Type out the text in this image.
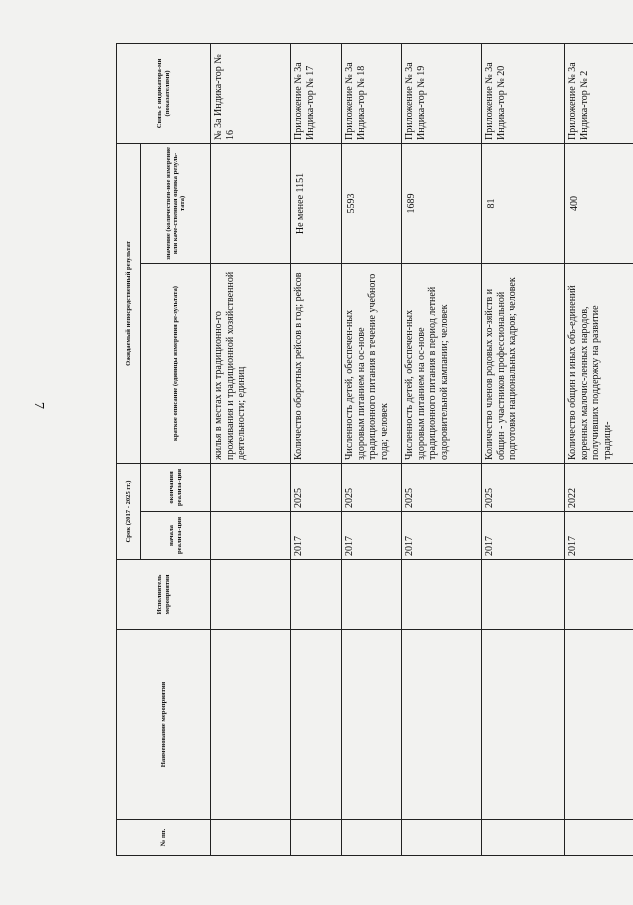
7
№ пп.	Наименование мероприятия	Исполнитель мероприятия	Срок (2017 - 2025 гг.)		Ожидаемый непосредственный результат		Связь с индикатора-ми (показателями)
			начала реализа-ции	окончания реализа-ции	краткое описание (единицы измерения ре-зультата)	значение (количествен-ное измерение или каче-ственная оценка резуль-тата)	
					жилья в местах их традиционно-го проживания и традиционной хозяйственной деятельности; единиц		№ 3а Индика-тор № 16
			2017	2025	Количество оборотных рейсов в год; рейсов	Не менее 1151	Приложение № 3а Индика-тор № 17
			2017	2025	Численность детей, обеспечен-ных здоровым питанием на ос-нове традиционного питания в течение учебного года; человек	5593	Приложение № 3а Индика-тор № 18
			2017	2025	Численность детей, обеспечен-ных здоровым питанием на ос-нове традиционного питания в период летней оздоровительной кампании; человек	1689	Приложение № 3а Индика-тор № 19
			2017	2025	Количество членов родовых хо-зяйств и общин - участников профессиональной подготовки национальных кадров; человек	81	Приложение № 3а Индика-тор № 20
			2017	2022	Количество общин и иных объ-единений коренных малочис-ленных народов, получивших поддержку на развитие традици-	400	Приложение № 3а Индика-тор № 2
